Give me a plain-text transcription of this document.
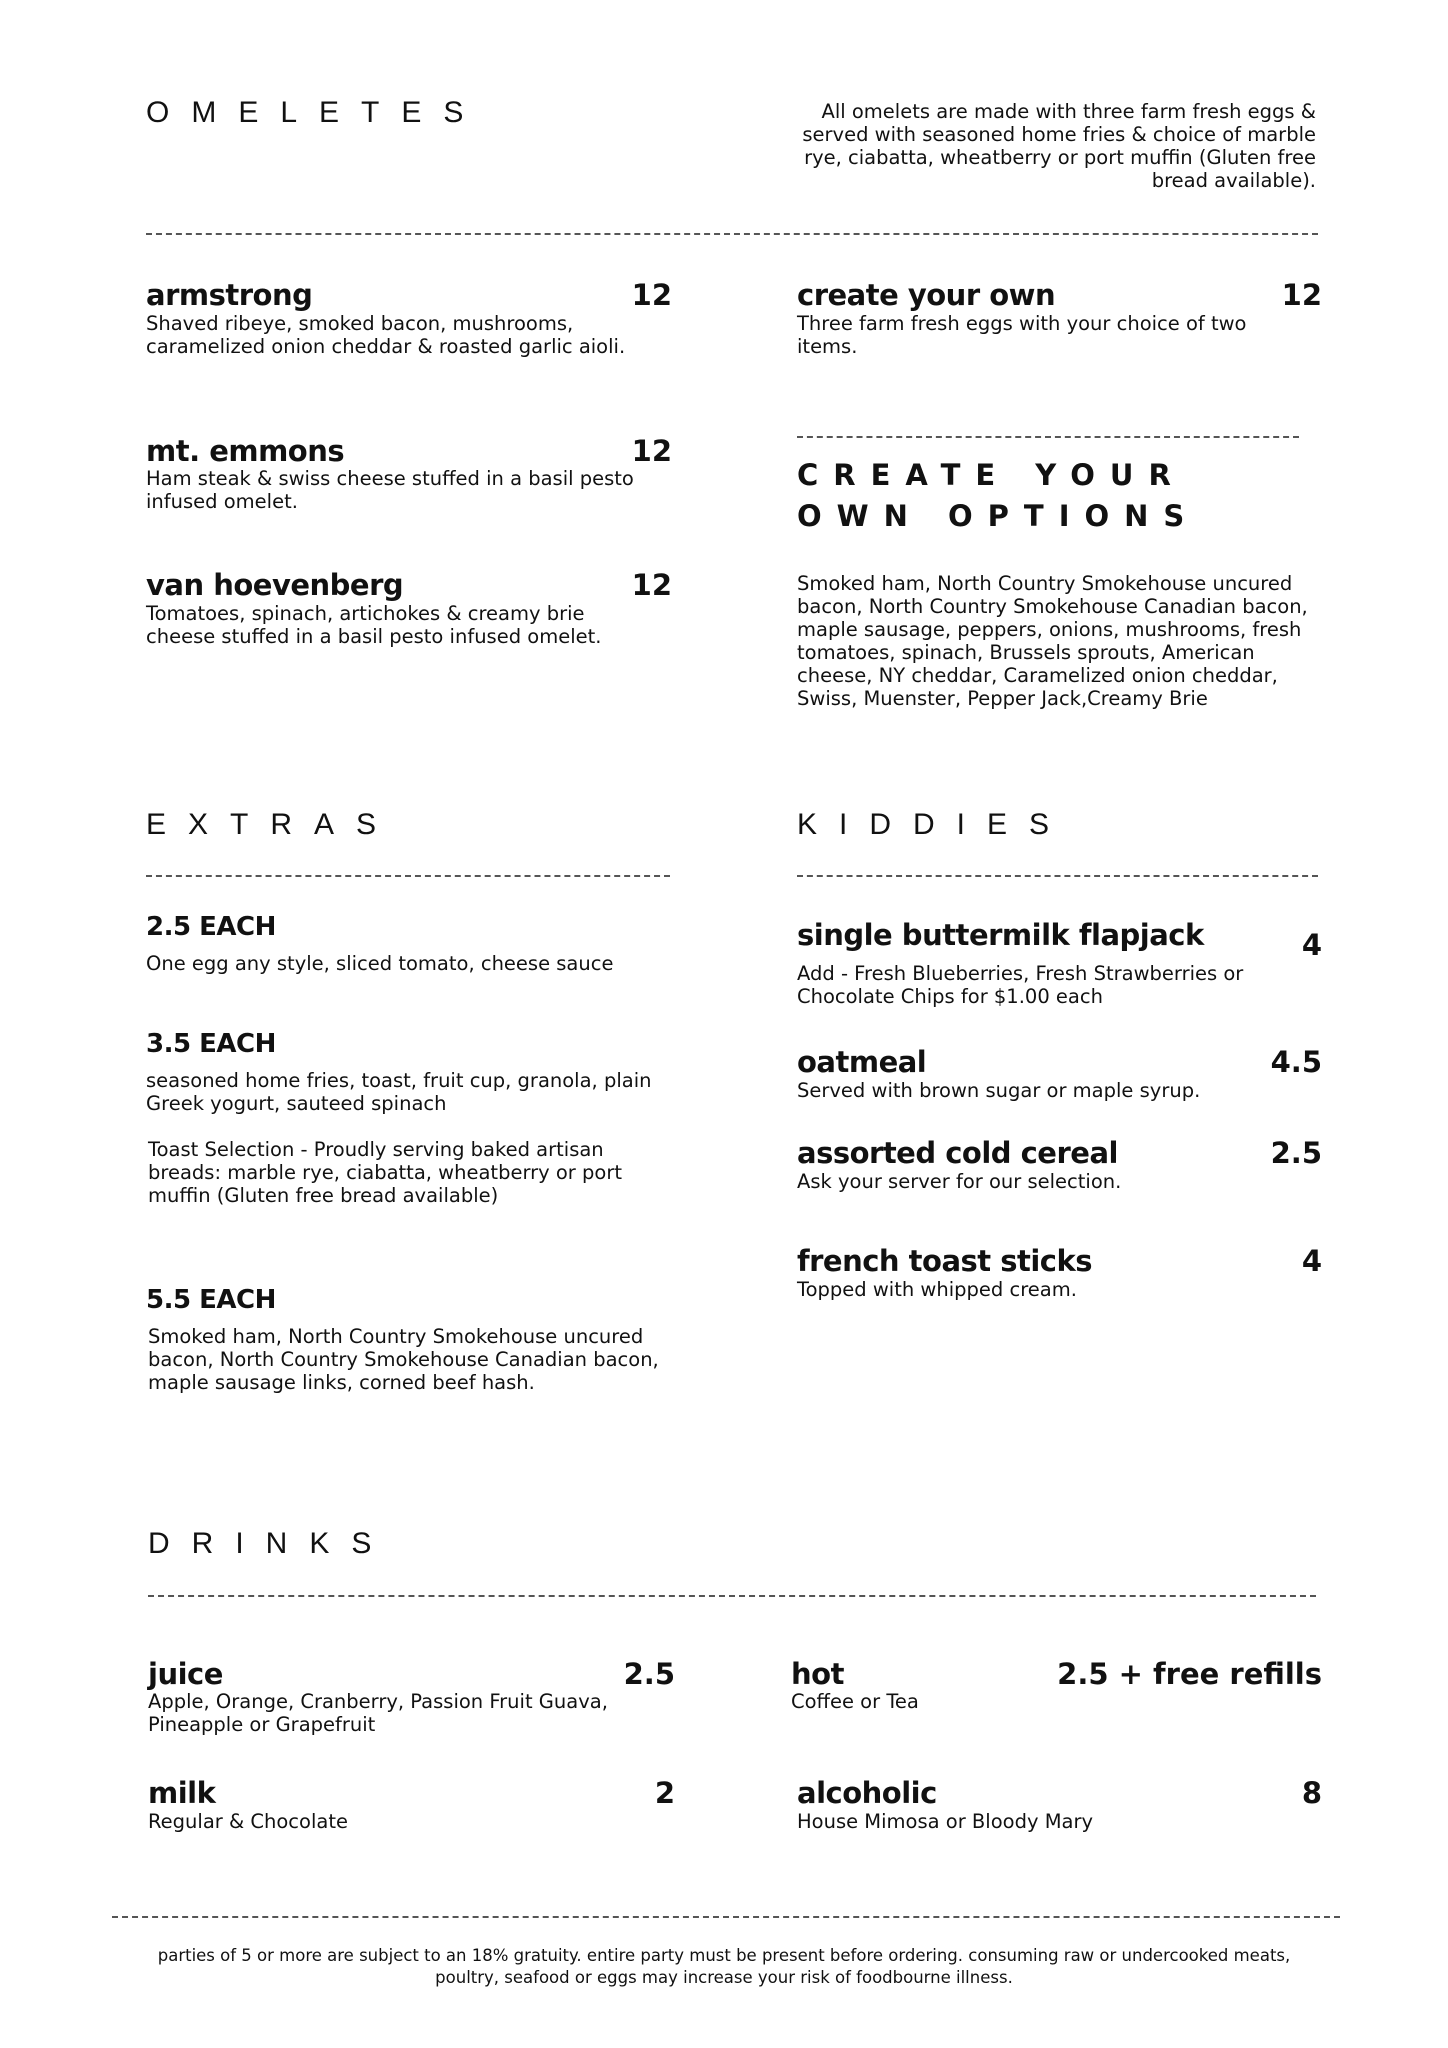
OMELETES	All omelets are made with three farm fresh eggs & served with seasoned home fries & choice of marble rye, ciabatta, wheatberry or port muffin (Gluten free bread available).
armstrong	12
Shaved ribeye, smoked bacon, mushrooms, caramelized onion cheddar & roasted garlic aioli.
mt. emmons	12
Ham steak & swiss cheese stuffed in a basil pesto infused omelet.
van hoevenberg	12
Tomatoes, spinach, artichokes & creamy brie cheese stuffed in a basil pesto infused omelet.
create your own	12
Three farm fresh eggs with your choice of two items.
CREATE YOUR OWN OPTIONS
Smoked ham, North Country Smokehouse uncured bacon, North Country Smokehouse Canadian bacon, maple sausage, peppers, onions, mushrooms, fresh tomatoes, spinach, Brussels sprouts, American cheese, NY cheddar, Caramelized onion cheddar, Swiss, Muenster, Pepper Jack,Creamy Brie
EXTRAS
2.5 EACH
One egg any style, sliced tomato, cheese sauce
3.5 EACH
seasoned home fries, toast, fruit cup, granola, plain Greek yogurt, sauteed spinach
Toast Selection - Proudly serving baked artisan breads: marble rye, ciabatta, wheatberry or port muffin (Gluten free bread available)
5.5 EACH
Smoked ham, North Country Smokehouse uncured bacon, North Country Smokehouse Canadian bacon, maple sausage links, corned beef hash.
KIDDIES
single buttermilk flapjack	4
Add - Fresh Blueberries, Fresh Strawberries or Chocolate Chips for $1.00 each
oatmeal	4.5
Served with brown sugar or maple syrup.
assorted cold cereal	2.5
Ask your server for our selection.
french toast sticks	4
Topped with whipped cream.
DRINKS
juice	2.5
Apple, Orange, Cranberry, Passion Fruit Guava, Pineapple or Grapefruit
milk	2
Regular & Chocolate
hot	2.5 + free refills
Coffee or Tea
alcoholic	8
House Mimosa or Bloody Mary
parties of 5 or more are subject to an 18% gratuity. entire party must be present before ordering. consuming raw or undercooked meats, poultry, seafood or eggs may increase your risk of foodbourne illness.
